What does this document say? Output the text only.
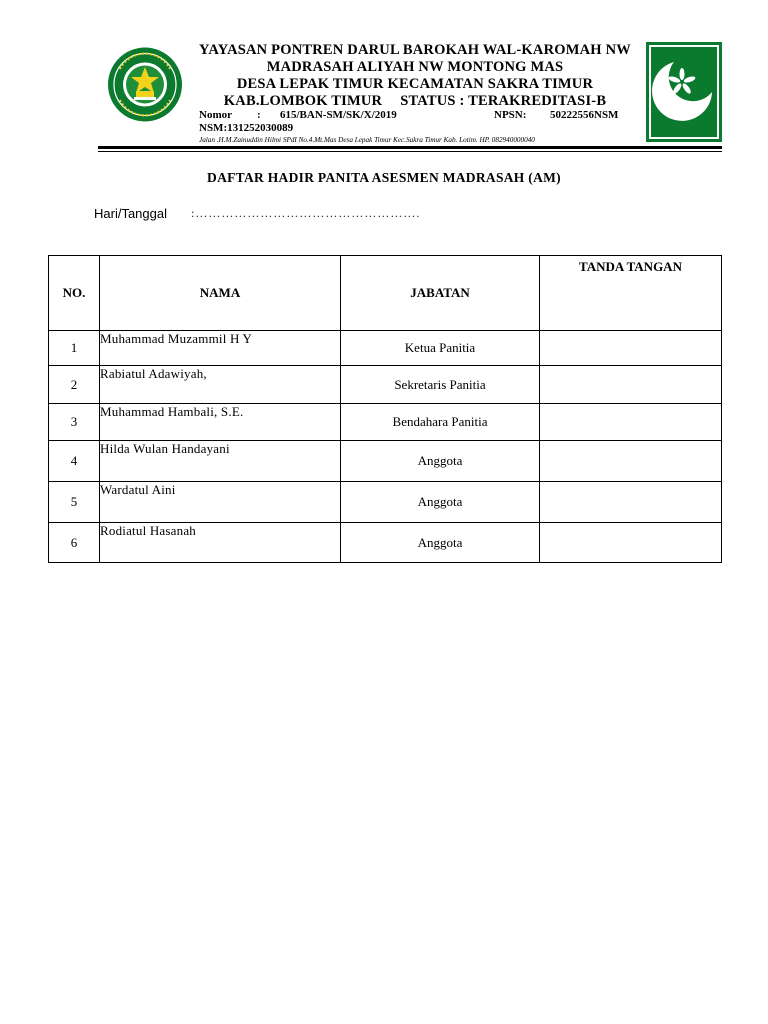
YAYASAN PONTREN DARUL BAROKAH WAL-KAROMAH NW
MADRASAH ALIYAH NW MONTONG MAS
DESA LEPAK TIMUR KECAMATAN SAKRA TIMUR
KAB.LOMBOK TIMUR STATUS : TERAKREDITASI-B
Nomor : 615/BAN-SM/SK/X/2019	NPSN: 50222556NSM
NSM:131252030089
Jalan .H.M.Zainuddin Hilmi SPdI No.4.Mt.Mas Desa Lepak Timur Kec.Sakra Timur Kab. Lotim. HP. 082940000040
DAFTAR HADIR PANITA ASESMEN MADRASAH (AM)
Hari/Tanggal :…………………………………………….
NO.	NAMA	JABATAN	TANDA TANGAN
1	Muhammad Muzammil H Y	Ketua Panitia	
2	Rabiatul Adawiyah,	Sekretaris Panitia	
3	Muhammad Hambali, S.E.	Bendahara Panitia	
4	Hilda Wulan Handayani	Anggota	
5	Wardatul Aini	Anggota	
6	Rodiatul Hasanah	Anggota	
